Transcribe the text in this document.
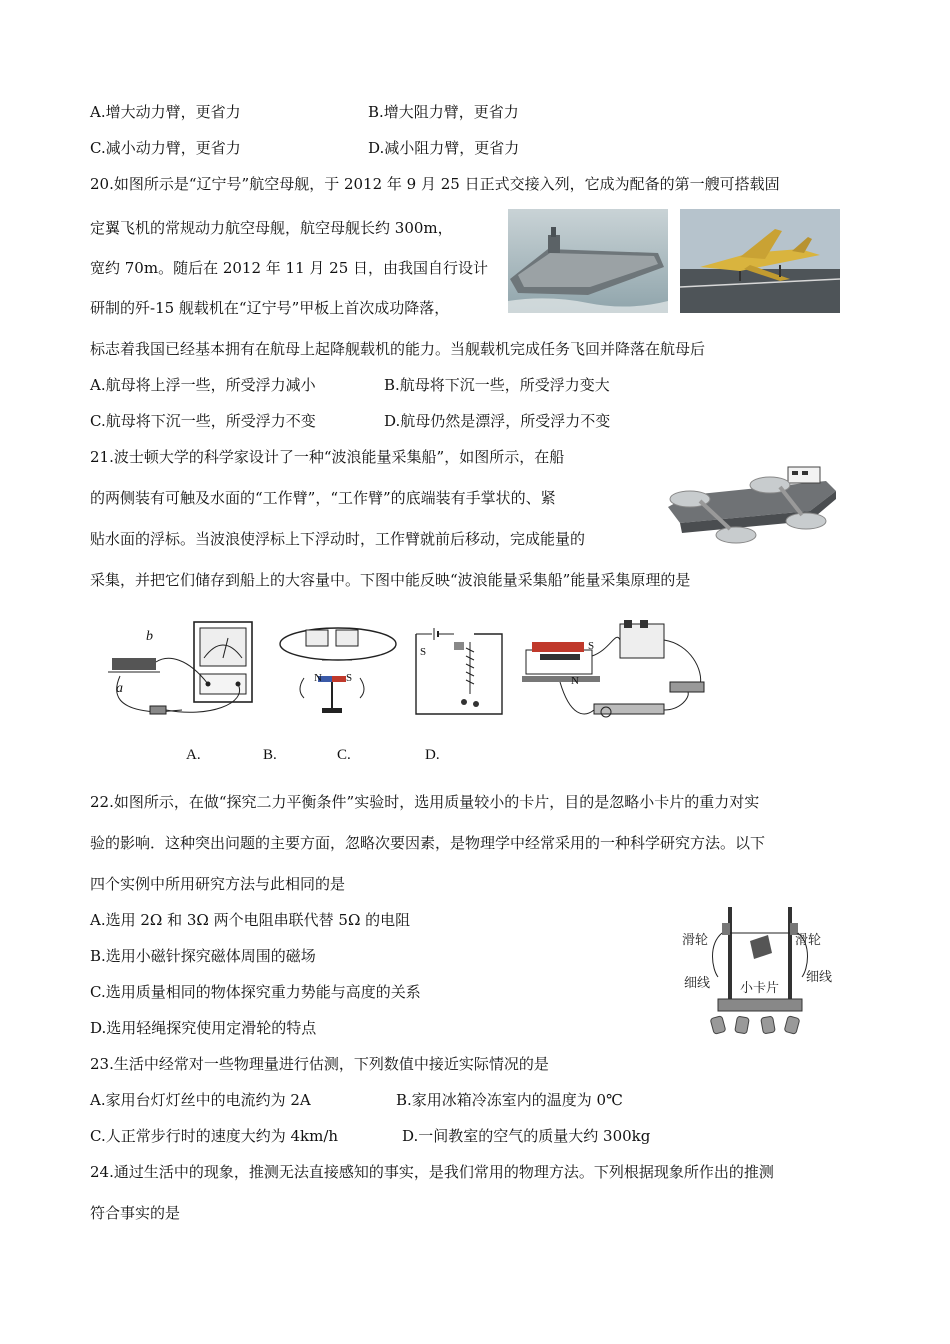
A.增大动力臂，更省力	B.增大阻力臂，更省力
C.减小动力臂，更省力	D.减小阻力臂，更省力
20.如图所示是“辽宁号”航空母舰，于 2012 年 9 月 25 日正式交接入列，它成为配备的第一艘可搭载固
定翼飞机的常规动力航空母舰，航空母舰长约 300m，
宽约 70m。随后在 2012 年 11 月 25 日，由我国自行设计
研制的歼-15 舰载机在“辽宁号”甲板上首次成功降落，
标志着我国已经基本拥有在航母上起降舰载机的能力。当舰载机完成任务飞回并降落在航母后
A.航母将上浮一些，所受浮力减小	B.航母将下沉一些，所受浮力变大
C.航母将下沉一些，所受浮力不变	D.航母仍然是漂浮，所受浮力不变
21.波士顿大学的科学家设计了一种“波浪能量采集船”，如图所示，在船
的两侧装有可触及水面的“工作臂”，“工作臂”的底端装有手掌状的、紧
贴水面的浮标。当波浪使浮标上下浮动时，工作臂就前后移动，完成能量的
采集，并把它们储存到船上的大容量中。下图中能反映“波浪能量采集船”能量采集原理的是
b
a
N S
S
N
S
A.	B.	C.	D.
22.如图所示，在做“探究二力平衡条件”实验时，选用质量较小的卡片，目的是忽略小卡片的重力对实
验的影响．这种突出问题的主要方面，忽略次要因素，是物理学中经常采用的一种科学研究方法。以下
四个实例中所用研究方法与此相同的是
A.选用 2Ω 和 3Ω 两个电阻串联代替 5Ω 的电阻
B.选用小磁针探究磁体周围的磁场
C.选用质量相同的物体探究重力势能与高度的关系
D.选用轻绳探究使用定滑轮的特点
滑轮	滑轮
细线	细线
小卡片
23.生活中经常对一些物理量进行估测，下列数值中接近实际情况的是
A.家用台灯灯丝中的电流约为 2A	B.家用冰箱冷冻室内的温度为 0℃
C.人正常步行时的速度大约为 4km/h	D.一间教室的空气的质量大约 300kg
24.通过生活中的现象，推测无法直接感知的事实，是我们常用的物理方法。下列根据现象所作出的推测
符合事实的是
